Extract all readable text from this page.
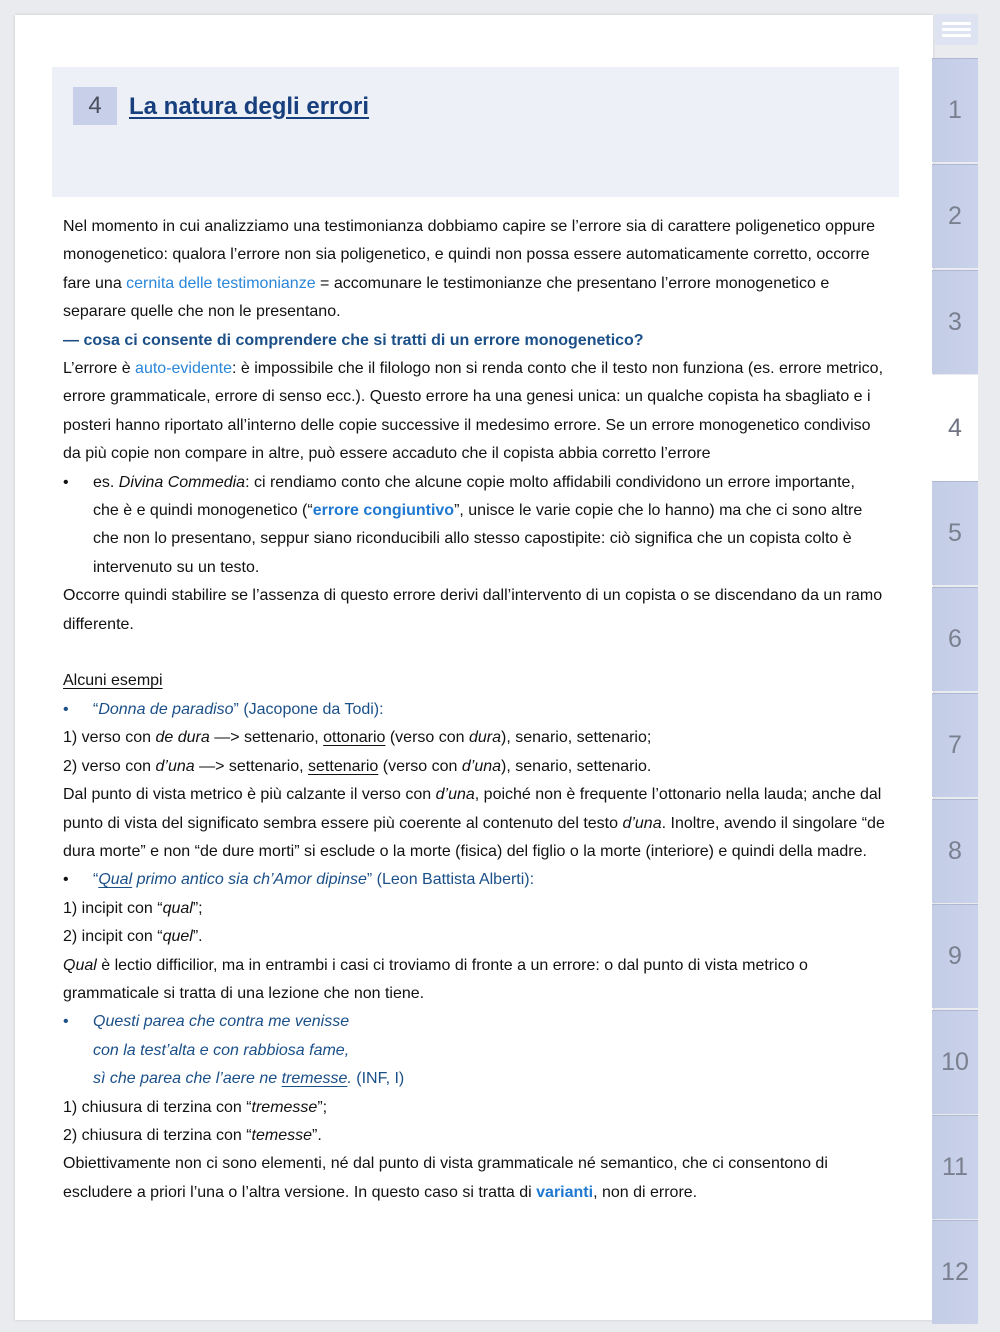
4	La natura degli errori

Nel momento in cui analizziamo una testimonianza dobbiamo capire se l’errore sia di carattere poligenetico oppure monogenetico: qualora l’errore non sia poligenetico, e quindi non possa essere automaticamente corretto, occorre fare una cernita delle testimonianze = accomunare le testimonianze che presentano l’errore monogenetico e separare quelle che non le presentano.

— cosa ci consente di comprendere che si tratti di un errore monogenetico?

L’errore è auto-evidente: è impossibile che il filologo non si renda conto che il testo non funziona (es. errore metrico, errore grammaticale, errore di senso ecc.). Questo errore ha una genesi unica: un qualche copista ha sbagliato e i posteri hanno riportato all’interno delle copie successive il medesimo errore. Se un errore monogenetico condiviso da più copie non compare in altre, può essere accaduto che il copista abbia corretto l’errore

• es. Divina Commedia: ci rendiamo conto che alcune copie molto affidabili condividono un errore importante, che è e quindi monogenetico (“errore congiuntivo”, unisce le varie copie che lo hanno) ma che ci sono altre che non lo presentano, seppur siano riconducibili allo stesso capostipite: ciò significa che un copista colto è intervenuto su un testo.

Occorre quindi stabilire se l’assenza di questo errore derivi dall’intervento di un copista o se discendano da un ramo differente.

Alcuni esempi

• “Donna de paradiso” (Jacopone da Todi):

1) verso con de dura —> settenario, ottonario (verso con dura), senario, settenario;

2) verso con d’una —> settenario, settenario (verso con d’una), senario, settenario.

Dal punto di vista metrico è più calzante il verso con d’una, poiché non è frequente l’ottonario nella lauda; anche dal punto di vista del significato sembra essere più coerente al contenuto del testo d’una. Inoltre, avendo il singolare “de dura morte” e non “de dure morti” si esclude o la morte (fisica) del figlio o la morte (interiore) e quindi della madre.

• “Qual primo antico sia ch’Amor dipinse” (Leon Battista Alberti):

1) incipit con “qual”;

2) incipit con “quel”.

Qual è lectio difficilior, ma in entrambi i casi ci troviamo di fronte a un errore: o dal punto di vista metrico o grammaticale si tratta di una lezione che non tiene.

• Questi parea che contra me venisse

con la test’alta e con rabbiosa fame,

sì che parea che l’aere ne tremesse. (INF, I)

1) chiusura di terzina con “tremesse”;

2) chiusura di terzina con “temesse”.

Obiettivamente non ci sono elementi, né dal punto di vista grammaticale né semantico, che ci consentono di escludere a priori l’una o l’altra versione. In questo caso si tratta di varianti, non di errore.

1
2
3
4
5
6
7
8
9
10
11
12
